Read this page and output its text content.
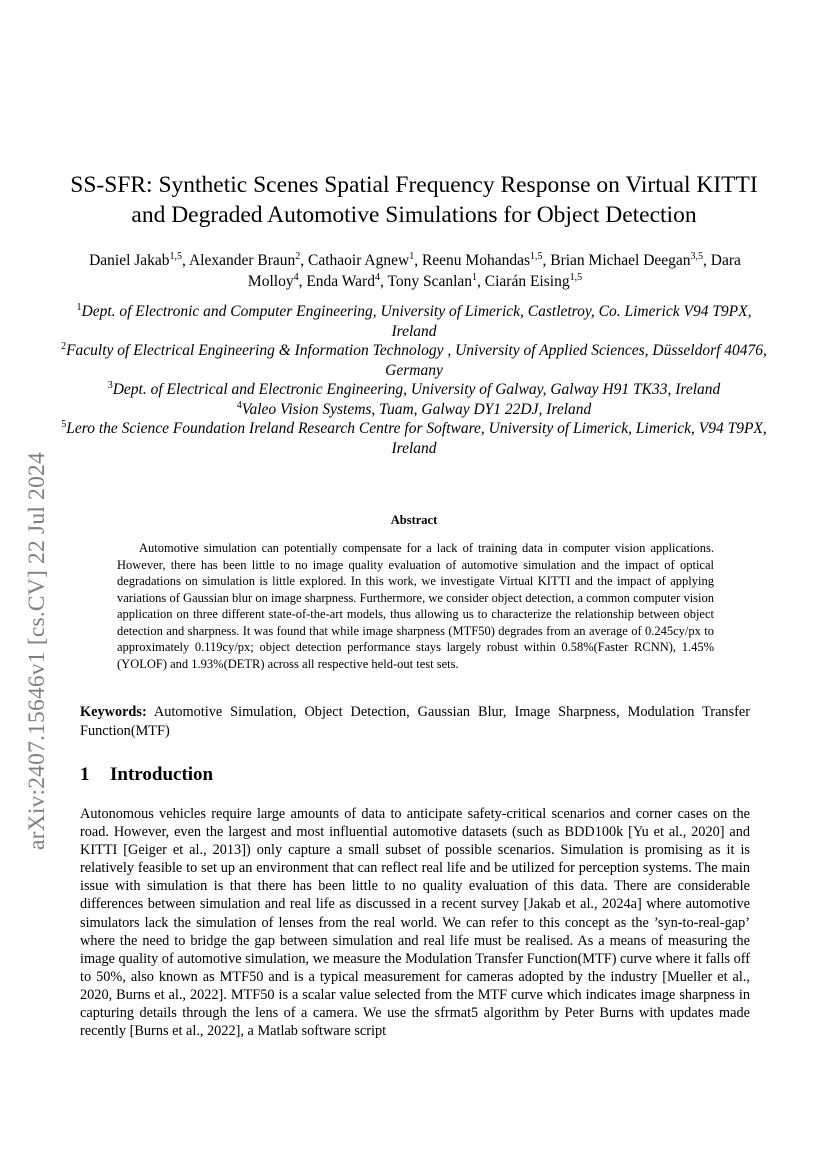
arXiv:2407.15646v1 [cs.CV] 22 Jul 2024
SS-SFR: Synthetic Scenes Spatial Frequency Response on Virtual KITTI and Degraded Automotive Simulations for Object Detection
Daniel Jakab$^{1,5}$, Alexander Braun$^2$, Cathaoir Agnew$^1$, Reenu Mohandas$^{1,5}$, Brian Michael Deegan$^{3,5}$, Dara Molloy$^4$, Enda Ward$^4$, Tony Scanlan$^1$, Ciarán Eising$^{1,5}$
$^1$Dept. of Electronic and Computer Engineering, University of Limerick, Castletroy, Co. Limerick V94 T9PX, Ireland
$^2$Faculty of Electrical Engineering & Information Technology , University of Applied Sciences, Düsseldorf 40476, Germany
$^3$Dept. of Electrical and Electronic Engineering, University of Galway, Galway H91 TK33, Ireland
$^4$Valeo Vision Systems, Tuam, Galway DY1 22DJ, Ireland
$^5$Lero the Science Foundation Ireland Research Centre for Software, University of Limerick, Limerick, V94 T9PX, Ireland
Abstract
Automotive simulation can potentially compensate for a lack of training data in computer vision applications. However, there has been little to no image quality evaluation of automotive simulation and the impact of optical degradations on simulation is little explored. In this work, we investigate Virtual KITTI and the impact of applying variations of Gaussian blur on image sharpness. Furthermore, we consider object detection, a common computer vision application on three different state-of-the-art models, thus allowing us to characterize the relationship between object detection and sharpness. It was found that while image sharpness (MTF50) degrades from an average of 0.245cy/px to approximately 0.119cy/px; object detection performance stays largely robust within 0.58%(Faster RCNN), 1.45%(YOLOF) and 1.93%(DETR) across all respective held-out test sets.
Keywords: Automotive Simulation, Object Detection, Gaussian Blur, Image Sharpness, Modulation Transfer Function(MTF)
1 Introduction
Autonomous vehicles require large amounts of data to anticipate safety-critical scenarios and corner cases on the road. However, even the largest and most influential automotive datasets (such as BDD100k [Yu et al., 2020] and KITTI [Geiger et al., 2013]) only capture a small subset of possible scenarios. Simulation is promising as it is relatively feasible to set up an environment that can reflect real life and be utilized for perception systems. The main issue with simulation is that there has been little to no quality evaluation of this data. There are considerable differences between simulation and real life as discussed in a recent survey [Jakab et al., 2024a] where automotive simulators lack the simulation of lenses from the real world. We can refer to this concept as the ’syn-to-real-gap’ where the need to bridge the gap between simulation and real life must be realised. As a means of measuring the image quality of automotive simulation, we measure the Modulation Transfer Function(MTF) curve where it falls off to 50%, also known as MTF50 and is a typical measurement for cameras adopted by the industry [Mueller et al., 2020, Burns et al., 2022]. MTF50 is a scalar value selected from the MTF curve which indicates image sharpness in capturing details through the lens of a camera. We use the sfrmat5 algorithm by Peter Burns with updates made recently [Burns et al., 2022], a Matlab software script
